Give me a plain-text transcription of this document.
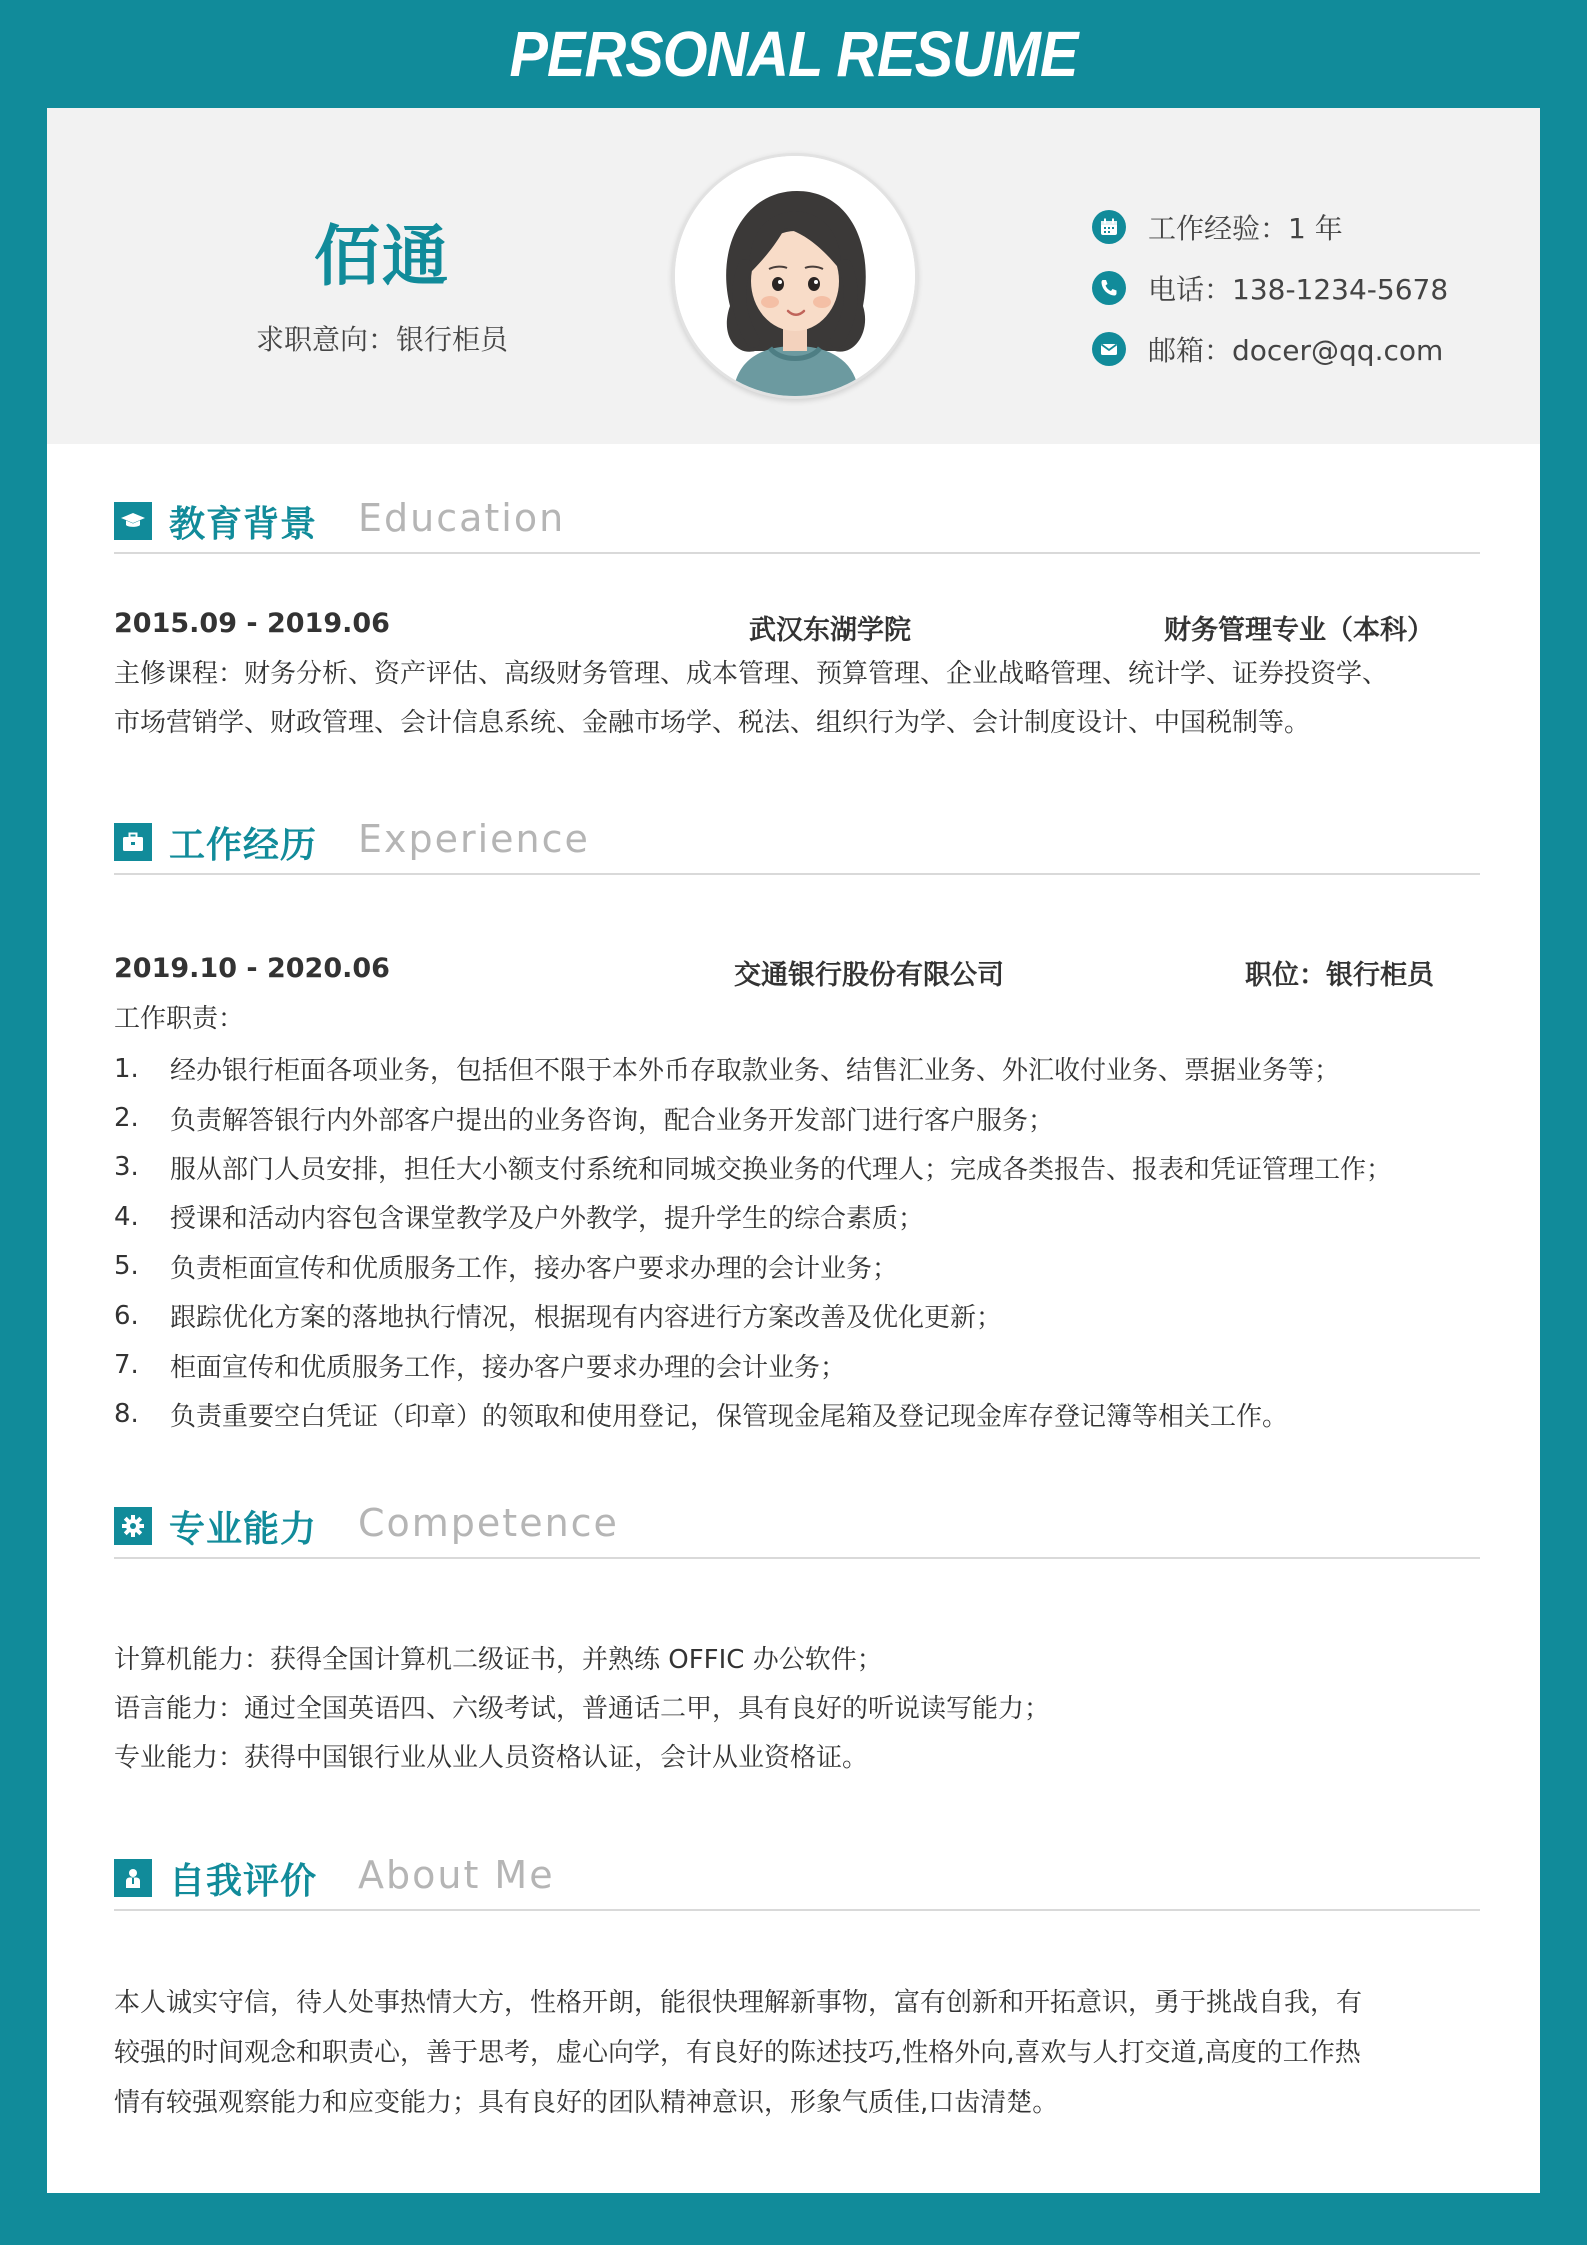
PERSONAL RESUME
佰通
求职意向：银行柜员
工作经验：1 年
电话：138-1234-5678
邮箱：docer@qq.com
教育背景 Education
2015.09 - 2019.06	武汉东湖学院	财务管理专业（本科）

主修课程：财务分析、资产评估、高级财务管理、成本管理、预算管理、企业战略管理、统计学、证券投资学、

市场营销学、财政管理、会计信息系统、金融市场学、税法、组织行为学、会计制度设计、中国税制等。

工作经历 Experience
2019.10 - 2020.06	交通银行股份有限公司	职位：银行柜员

工作职责：

1.	经办银行柜面各项业务，包括但不限于本外币存取款业务、结售汇业务、外汇收付业务、票据业务等；
2.	负责解答银行内外部客户提出的业务咨询，配合业务开发部门进行客户服务；
3.	服从部门人员安排，担任大小额支付系统和同城交换业务的代理人；完成各类报告、报表和凭证管理工作；
4.	授课和活动内容包含课堂教学及户外教学，提升学生的综合素质；
5.	负责柜面宣传和优质服务工作，接办客户要求办理的会计业务；
6.	跟踪优化方案的落地执行情况，根据现有内容进行方案改善及优化更新；
7.	柜面宣传和优质服务工作，接办客户要求办理的会计业务；
8.	负责重要空白凭证（印章）的领取和使用登记，保管现金尾箱及登记现金库存登记簿等相关工作。
专业能力 Competence

计算机能力：获得全国计算机二级证书，并熟练 OFFIC 办公软件；

语言能力：通过全国英语四、六级考试，普通话二甲，具有良好的听说读写能力；

专业能力：获得中国银行业从业人员资格认证，会计从业资格证。

自我评价 About Me

本人诚实守信，待人处事热情大方，性格开朗，能很快理解新事物，富有创新和开拓意识，勇于挑战自我，有

较强的时间观念和职责心，善于思考，虚心向学，有良好的陈述技巧,性格外向,喜欢与人打交道,高度的工作热

情有较强观察能力和应变能力；具有良好的团队精神意识，形象气质佳,口齿清楚。
